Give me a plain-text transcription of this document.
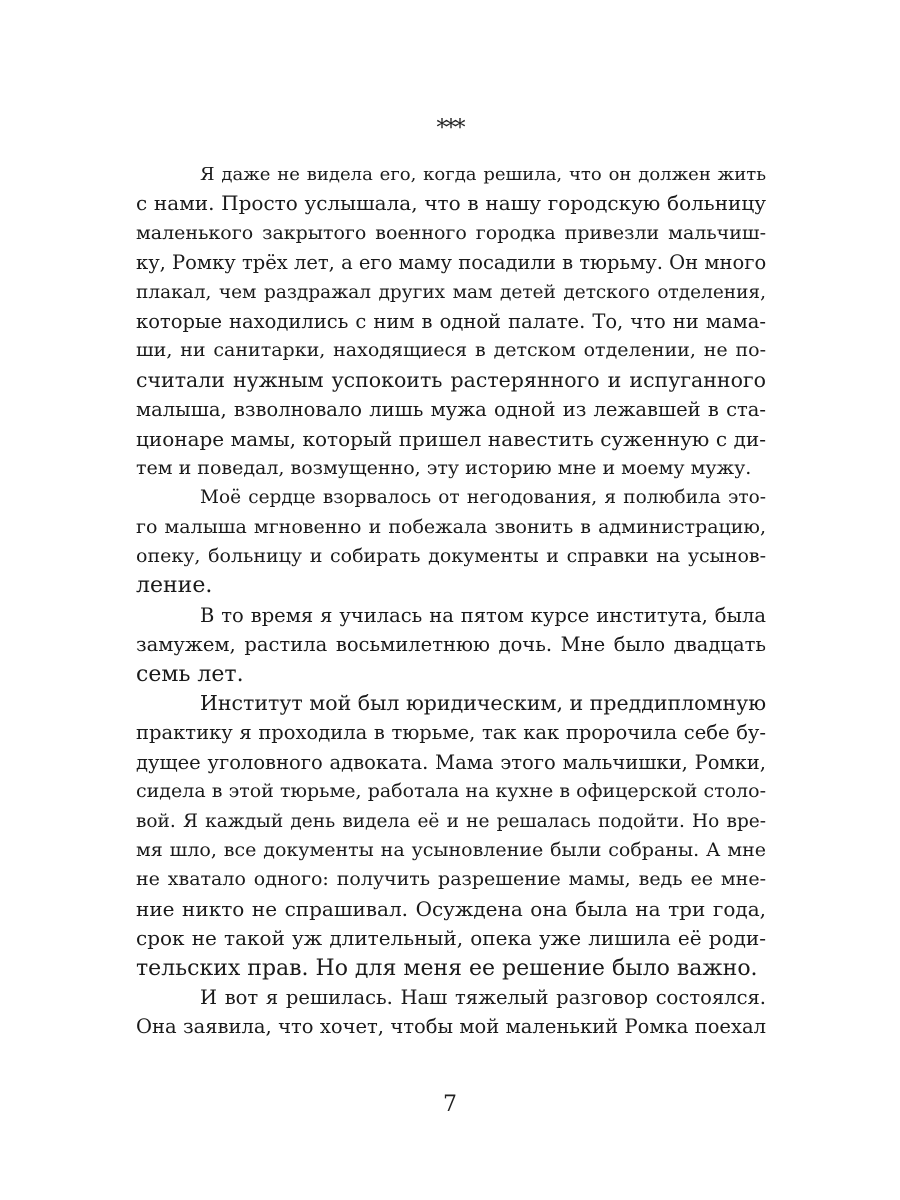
***
Я даже не видела его, когда решила, что он должен жить
с нами. Просто услышала, что в нашу городскую больницу
маленького закрытого военного городка привезли мальчиш-
ку, Ромку трёх лет, а его маму посадили в тюрьму. Он много
плакал, чем раздражал других мам детей детского отделения,
которые находились с ним в одной палате. То, что ни мама-
ши, ни санитарки, находящиеся в детском отделении, не по-
считали нужным успокоить растерянного и испуганного
малыша, взволновало лишь мужа одной из лежавшей в ста-
ционаре мамы, который пришел навестить суженную с ди-
тем и поведал, возмущенно, эту историю мне и моему мужу.
Моё сердце взорвалось от негодования, я полюбила это-
го малыша мгновенно и побежала звонить в администрацию,
опеку, больницу и собирать документы и справки на усынов-
ление.
В то время я училась на пятом курсе института, была
замужем, растила восьмилетнюю дочь. Мне было двадцать
семь лет.
Институт мой был юридическим, и преддипломную
практику я проходила в тюрьме, так как пророчила себе бу-
дущее уголовного адвоката. Мама этого мальчишки, Ромки,
сидела в этой тюрьме, работала на кухне в офицерской столо-
вой. Я каждый день видела её и не решалась подойти. Но вре-
мя шло, все документы на усыновление были собраны. А мне
не хватало одного: получить разрешение мамы, ведь ее мне-
ние никто не спрашивал. Осуждена она была на три года,
срок не такой уж длительный, опека уже лишила её роди-
тельских прав. Но для меня ее решение было важно.
И вот я решилась. Наш тяжелый разговор состоялся.
Она заявила, что хочет, чтобы мой маленький Ромка поехал
7
